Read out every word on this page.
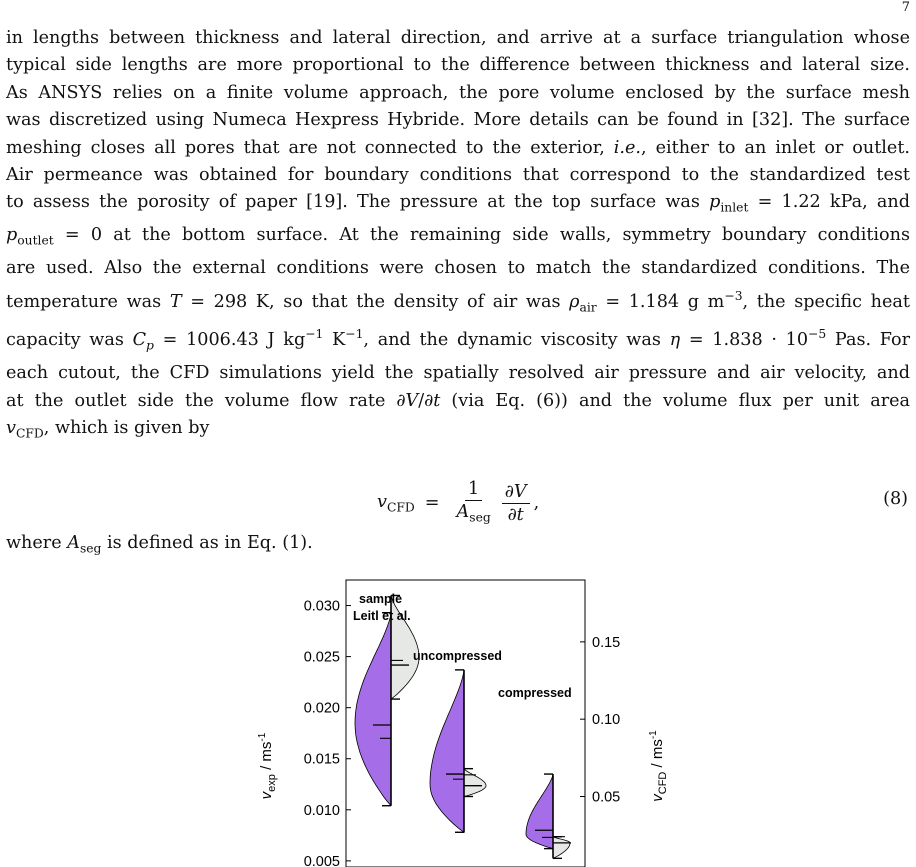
7
in lengths between thickness and lateral direction, and arrive at a surface triangulation whose
typical side lengths are more proportional to the difference between thickness and lateral size.
As ANSYS relies on a finite volume approach, the pore volume enclosed by the surface mesh
was discretized using Numeca Hexpress Hybride. More details can be found in [32]. The surface
meshing closes all pores that are not connected to the exterior, i.e., either to an inlet or outlet.
Air permeance was obtained for boundary conditions that correspond to the standardized test
to assess the porosity of paper [19]. The pressure at the top surface was $p_{inlet} = 1.22$ kPa, and
$p_{outlet} = 0$ at the bottom surface. At the remaining side walls, symmetry boundary conditions
are used. Also the external conditions were chosen to match the standardized conditions. The
temperature was T = 298 K, so that the density of air was $\rho_{air} = 1.184$ g $m^{-3}$, the specific heat
capacity was $C_p = 1006.43$ J $kg^{-1}$ $K^{-1}$, and the dynamic viscosity was $\eta = 1.838 \cdot 10^{-5}$ Pas. For
each cutout, the CFD simulations yield the spatially resolved air pressure and air velocity, and
at the outlet side the volume flow rate ∂V/∂t (via Eq. (6)) and the volume flux per unit area
$v_{CFD}$, which is given by
$v_{CFD} = \frac{1}{A_{seg}} \frac{\partial V}{\partial t}$ ,	(8)
where $A_{seg}$ is defined as in Eq. (1).
0.030
0.025
0.020
0.015
0.010
0.005
0.15
0.10
0.05
sample
Leitl et al.
uncompressed
compressed
$v_{exp} / ms^{-1}$
$v_{CFD} / ms^{-1}$
